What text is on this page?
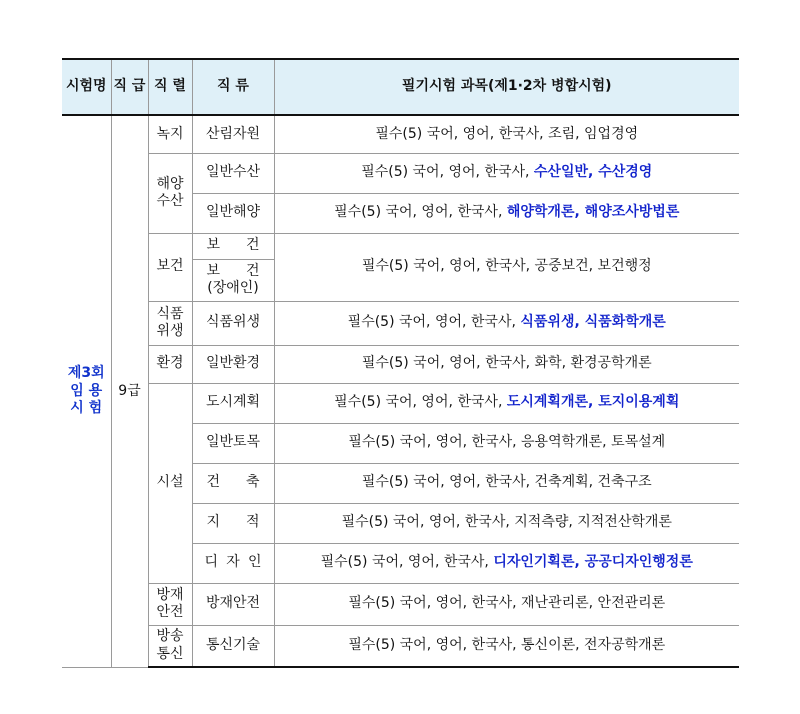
시험명	직 급	직 렬	직 류	필기시험 과목(제1·2차 병합시험)

제3회
임 용
시 험	9급	녹지	산림자원	필수(5) 국어, 영어, 한국사, 조림, 임업경영

		해양
수산	일반수산	필수(5) 국어, 영어, 한국사, 수산일반, 수산경영
			일반해양	필수(5) 국어, 영어, 한국사, 해양학개론, 해양조사방법론
		보건	보 건	필수(5) 국어, 영어, 한국사, 공중보건, 보건행정

			보 건
(장애인)	

		식품
위생	식품위생	필수(5) 국어, 영어, 한국사, 식품위생, 식품화학개론
		환경	일반환경	필수(5) 국어, 영어, 한국사, 화학, 환경공학개론
		시설	도시계획	필수(5) 국어, 영어, 한국사, 도시계획개론, 토지이용계획
			일반토목	필수(5) 국어, 영어, 한국사, 응용역학개론, 토목설계

			건 축	필수(5) 국어, 영어, 한국사, 건축계획, 건축구조

			지 적	필수(5) 국어, 영어, 한국사, 지적측량, 지적전산학개론

			디 자 인	필수(5) 국어, 영어, 한국사, 디자인기획론, 공공디자인행정론

		방재
안전	방재안전	필수(5) 국어, 영어, 한국사, 재난관리론, 안전관리론

		방송
통신	통신기술	필수(5) 국어, 영어, 한국사, 통신이론, 전자공학개론
